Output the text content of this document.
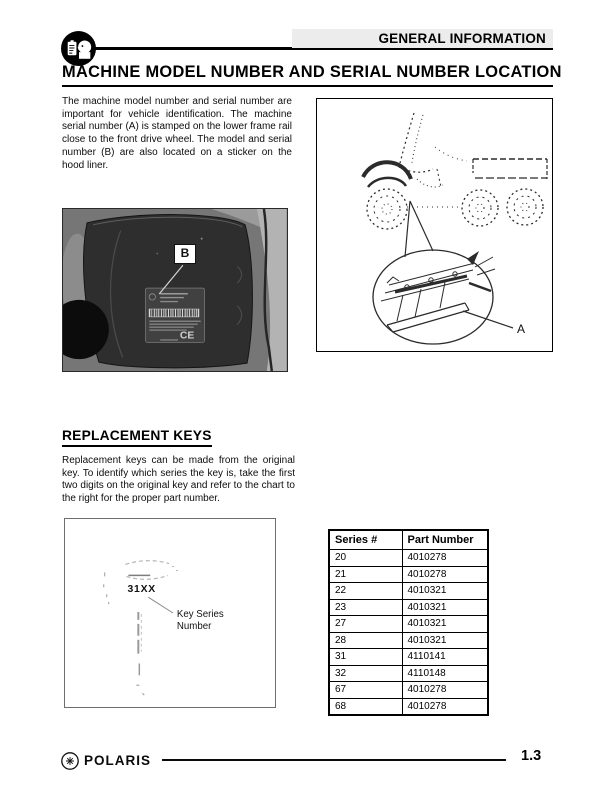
GENERAL INFORMATION
MACHINE MODEL NUMBER AND SERIAL NUMBER LOCATION

The machine model number and serial number are important for vehicle identification. The machine serial number (A) is stamped on the lower frame rail close to the front drive wheel. The model and serial number (B) are also located on a sticker on the hood liner.

A
CE
B
REPLACEMENT KEYS

Replacement keys can be made from the original key. To identify which series the key is, take the first two digits on the original key and refer to the chart to the right for the proper part number.

31XX
Key Series
Number
Series #	Part Number
20	4010278
21	4010278
22	4010321
23	4010321
27	4010321
28	4010321
31	4110141
32	4110148
67	4010278
68	4010278
POLARIS	1.3
